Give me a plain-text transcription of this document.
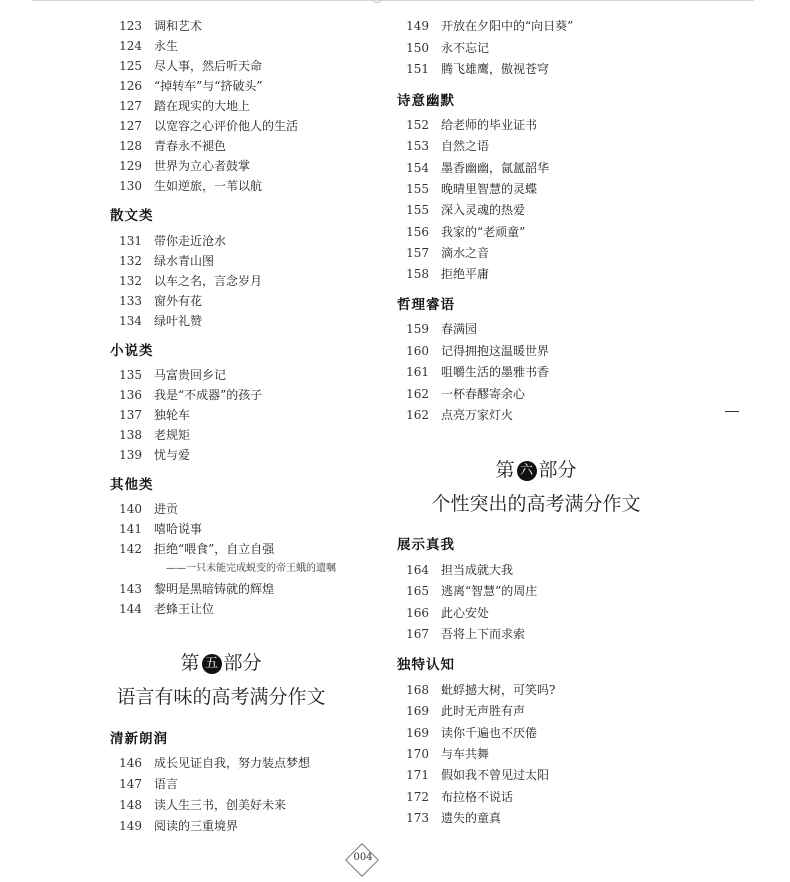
123 调和艺术
124 永生
125 尽人事，然后听天命
126 “掉转车”与“挤破头”
127 踏在现实的大地上
127 以宽容之心评价他人的生活
128 青春永不褪色
129 世界为立心者鼓掌
130 生如逆旅，一苇以航
散文类
131 带你走近沧水
132 绿水青山图
132 以车之名，言念岁月
133 窗外有花
134 绿叶礼赞
小说类
135 马富贵回乡记
136 我是“不成器”的孩子
137 独轮车
138 老规矩
139 忧与爱
其他类
140 进贡
141 嘻哈说事
142 拒绝“喂食”，自立自强
——一只未能完成蜕变的帝王蛾的遗嘱
143 黎明是黑暗铸就的辉煌
144 老蜂王让位
第 五 部分
语言有味的高考满分作文
清新朗润
146 成长见证自我，努力装点梦想
147 语言
148 读人生三书，创美好未来
149 阅读的三重境界
149 开放在夕阳中的“向日葵”
150 永不忘记
151 腾飞雄鹰，傲视苍穹
诗意幽默
152 给老师的毕业证书
153 自然之语
154 墨香幽幽，氤氲韶华
155 晚晴里智慧的灵蝶
155 深入灵魂的热爱
156 我家的“老顽童”
157 滴水之音
158 拒绝平庸
哲理睿语
159 春满园
160 记得拥抱这温暖世界
161 咀嚼生活的墨雅书香
162 一杯春醪寄余心
162 点亮万家灯火
第 六 部分
个性突出的高考满分作文
展示真我
164 担当成就大我
165 逃离“智慧”的周庄
166 此心安处
167 吾将上下而求索
独特认知
168 蚍蜉撼大树，可笑吗?
169 此时无声胜有声
169 读你千遍也不厌倦
170 与车共舞
171 假如我不曾见过太阳
172 布拉格不说话
173 遗失的童真
004
